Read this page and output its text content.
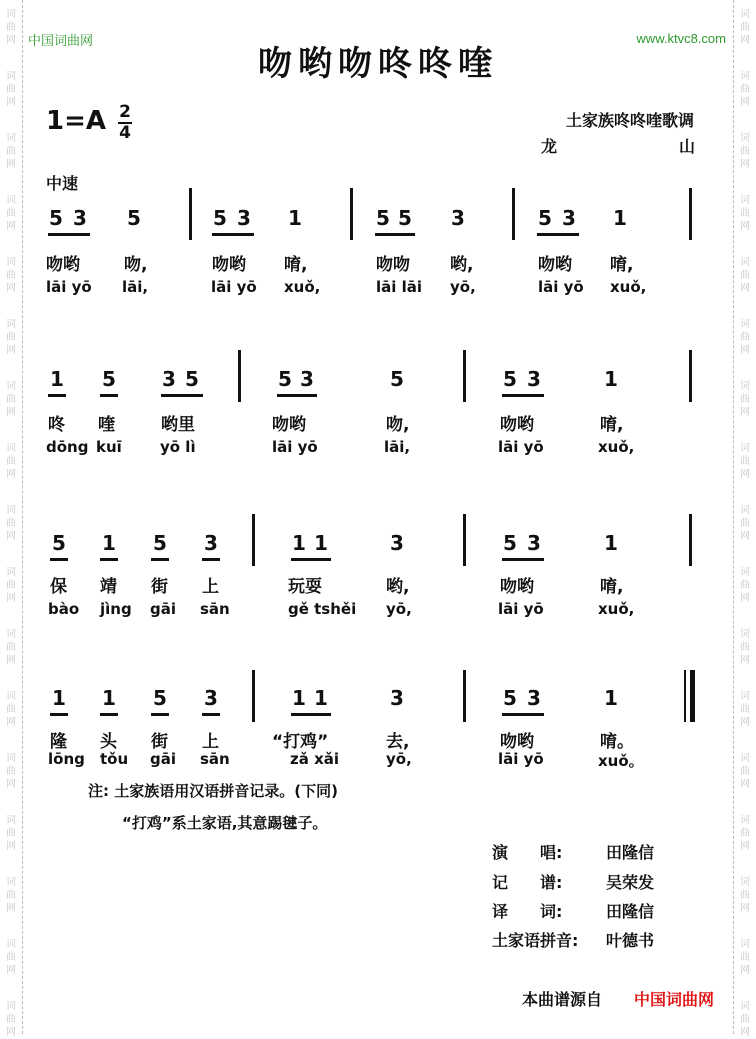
词
曲
网
词
曲
网
词
曲
网
词
曲
网
词
曲
网
词
曲
网
词
曲
网
词
曲
网
词
曲
网
词
曲
网
词
曲
网
词
曲
网
词
曲
网
词
曲
网
词
曲
网
词
曲
网
词
曲
网
词
曲
网
词
曲
网
词
曲
网
词
曲
网
词
曲
网
词
曲
网
词
曲
网
词
曲
网
词
曲
网
词
曲
网
词
曲
网
词
曲
网
词
曲
网
词
曲
网
词
曲
网
词
曲
网
词
曲
网
中国词曲网	www.ktvc8.com
吻哟吻咚咚喹
1=A 2
4
土家族咚咚喹歌调
龙	山
中速
5 3 5	5 3 1	5 5 3	5 3 1
吻哟	吻,	吻哟 唷,	吻吻 哟,	吻哟 唷,
lāi yō lāi,	lāi yō xuǒ,	lāi lāi yō,	lāi yō xuǒ,
1 5 3 5	5 3	5	5 3	1
咚 喹	哟里	吻哟	吻,	吻哟	唷,
dōng kuī	yō lì	lāi yō	lāi,	lāi yō	xuǒ,
5 1 5 3	1 1	3	5 3	1
保 靖 街 上	玩耍	哟,	吻哟	唷,
bào jìng gāi sān	gě tshěi yō,	lāi yō	xuǒ,
1 1 5 3	1 1	3	5 3	1
隆 头 街 上	“打鸡”	去,	吻哟	唷。
lōng tǒu gāi sān	zǎ xǎi	yō,	lāi yō	xuǒ。
注: 土家族语用汉语拼音记录。(下同)
“打鸡”系土家语,其意踢毽子。
演　　唱:	田隆信
记　　谱:	吴荣发
译　　词:	田隆信
土家语拼音: 叶德书
本曲谱源自 中国词曲网
